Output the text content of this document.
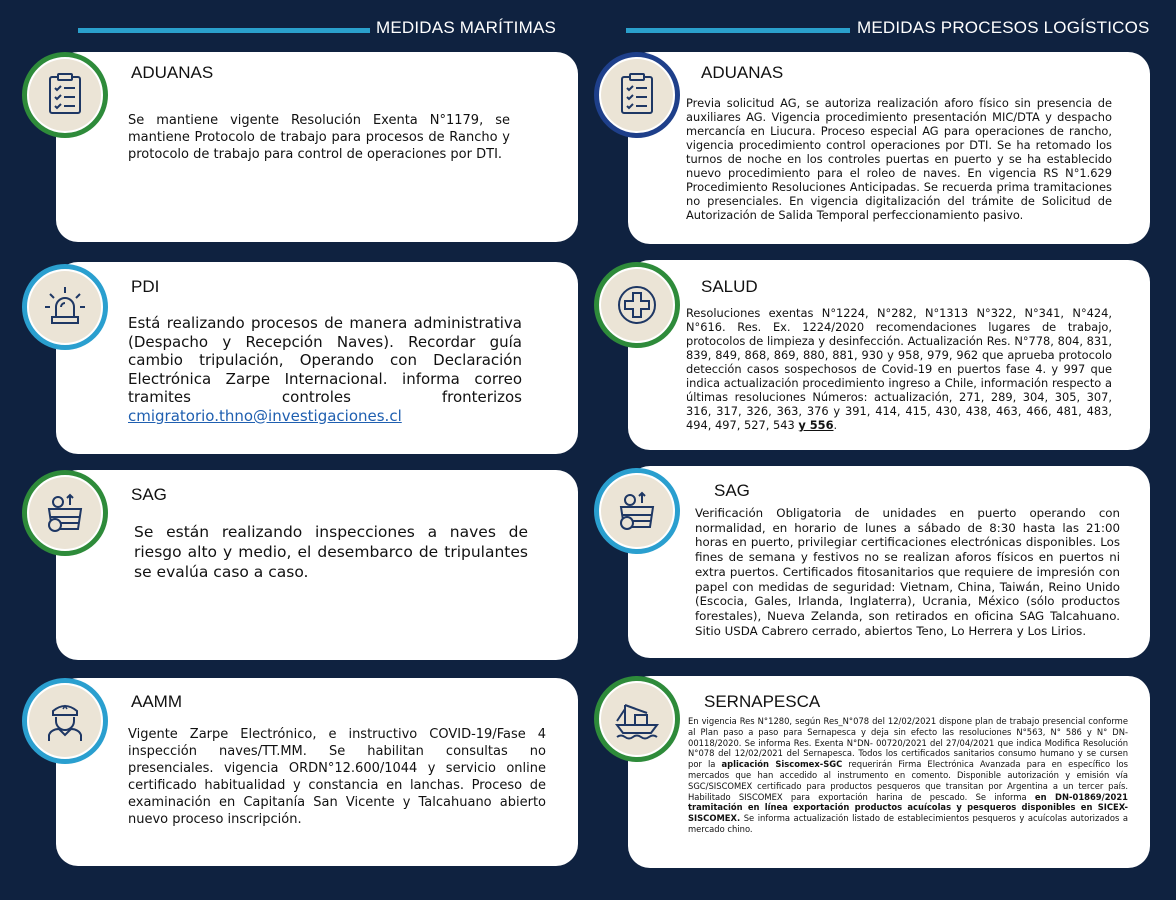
MEDIDAS MARÍTIMAS	MEDIDAS PROCESOS LOGÍSTICOS
ADUANAS

Se mantiene vigente Resolución Exenta N°1179, se mantiene Protocolo de trabajo para procesos de Rancho y protocolo de trabajo para control de operaciones por DTI.

PDI

Está realizando procesos de manera administrativa (Despacho y Recepción Naves). Recordar guía cambio tripulación, Operando con Declaración Electrónica Zarpe Internacional. informa correo tramites controles fronterizos cmigratorio.thno@investigaciones.cl

SAG

Se están realizando inspecciones a naves de riesgo alto y medio, el desembarco de tripulantes se evalúa caso a caso.

AAMM

Vigente Zarpe Electrónico, e instructivo COVID-19/Fase 4 inspección naves/TT.MM. Se habilitan consultas no presenciales. vigencia ORDN°12.600/1044 y servicio online certificado habitualidad y constancia en lanchas. Proceso de examinación en Capitanía San Vicente y Talcahuano abierto nuevo proceso inscripción.

ADUANAS

Previa solicitud AG, se autoriza realización aforo físico sin presencia de auxiliares AG. Vigencia procedimiento presentación MIC/DTA y despacho mercancía en Liucura. Proceso especial AG para operaciones de rancho, vigencia procedimiento control operaciones por DTI. Se ha retomado los turnos de noche en los controles puertas en puerto y se ha establecido nuevo procedimiento para el roleo de naves. En vigencia RS N°1.629 Procedimiento Resoluciones Anticipadas. Se recuerda prima tramitaciones no presenciales. En vigencia digitalización del trámite de Solicitud de Autorización de Salida Temporal perfeccionamiento pasivo.

SALUD

Resoluciones exentas N°1224, N°282, N°1313 N°322, N°341, N°424, N°616. Res. Ex. 1224/2020 recomendaciones lugares de trabajo, protocolos de limpieza y desinfección. Actualización Res. N°778, 804, 831, 839, 849, 868, 869, 880, 881, 930 y 958, 979, 962 que aprueba protocolo detección casos sospechosos de Covid-19 en puertos fase 4. y 997 que indica actualización procedimiento ingreso a Chile, información respecto a últimas resoluciones Números: actualización, 271, 289, 304, 305, 307, 316, 317, 326, 363, 376 y 391, 414, 415, 430, 438, 463, 466, 481, 483, 494, 497, 527, 543 y 556.

SAG

Verificación Obligatoria de unidades en puerto operando con normalidad, en horario de lunes a sábado de 8:30 hasta las 21:00 horas en puerto, privilegiar certificaciones electrónicas disponibles. Los fines de semana y festivos no se realizan aforos físicos en puertos ni extra puertos. Certificados fitosanitarios que requiere de impresión con papel con medidas de seguridad: Vietnam, China, Taiwán, Reino Unido (Escocia, Gales, Irlanda, Inglaterra), Ucrania, México (sólo productos forestales), Nueva Zelanda, son retirados en oficina SAG Talcahuano. Sitio USDA Cabrero cerrado, abiertos Teno, Lo Herrera y Los Lirios.

SERNAPESCA

En vigencia Res N°1280, según Res_N°078 del 12/02/2021 dispone plan de trabajo presencial conforme al Plan paso a paso para Sernapesca y deja sin efecto las resoluciones N°563, N° 586 y N° DN- 00118/2020. Se informa Res. Exenta N°DN- 00720/2021 del 27/04/2021 que indica Modifica Resolución N°078 del 12/02/2021 del Sernapesca. Todos los certificados sanitarios consumo humano y se cursen por la aplicación Siscomex-SGC requerirán Firma Electrónica Avanzada para en específico los mercados que han accedido al instrumento en comento. Disponible autorización y emisión vía SGC/SISCOMEX certificado para productos pesqueros que transitan por Argentina a un tercer país. Habilitado SISCOMEX para exportación harina de pescado. Se informa en DN-01869/2021 tramitación en línea exportación productos acuícolas y pesqueros disponibles en SICEX-SISCOMEX. Se informa actualización listado de establecimientos pesqueros y acuícolas autorizados a mercado chino.
